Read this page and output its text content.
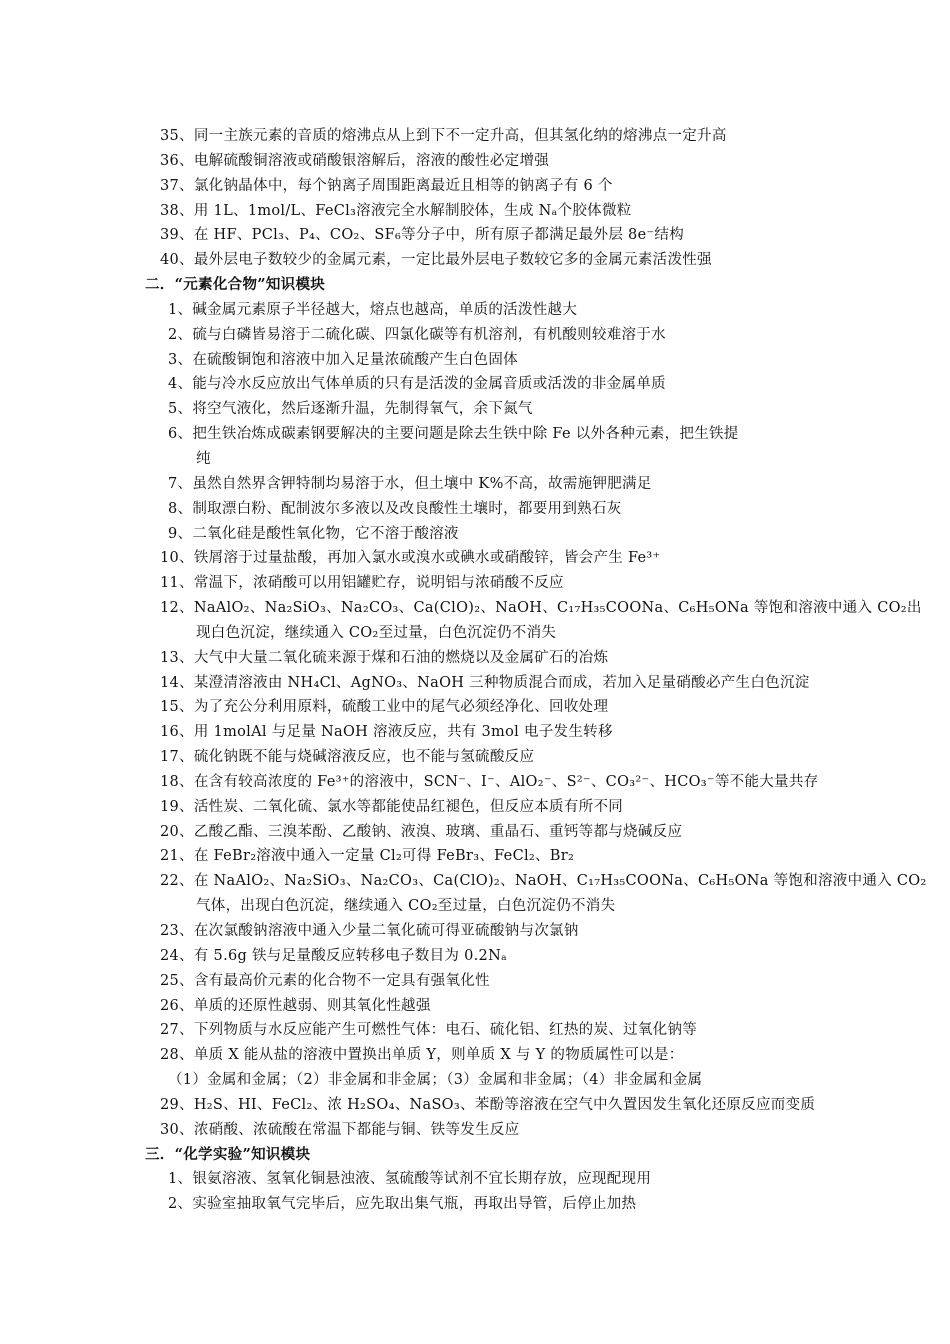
35、同一主族元素的音质的熔沸点从上到下不一定升高，但其氢化纳的熔沸点一定升高
36、电解硫酸铜溶液或硝酸银溶解后，溶液的酸性必定增强
37、氯化钠晶体中，每个钠离子周围距离最近且相等的钠离子有 6 个
38、用 1L、1mol/L、FeCl₃溶液完全水解制胶体，生成 Nₐ个胶体微粒
39、在 HF、PCl₃、P₄、CO₂、SF₆等分子中，所有原子都满足最外层 8e⁻结构
40、最外层电子数较少的金属元素，一定比最外层电子数较它多的金属元素活泼性强
二．“元素化合物”知识模块
1、碱金属元素原子半径越大，熔点也越高，单质的活泼性越大
2、硫与白磷皆易溶于二硫化碳、四氯化碳等有机溶剂，有机酸则较难溶于水
3、在硫酸铜饱和溶液中加入足量浓硫酸产生白色固体
4、能与冷水反应放出气体单质的只有是活泼的金属音质或活泼的非金属单质
5、将空气液化，然后逐渐升温，先制得氧气，余下氮气
6、把生铁冶炼成碳素钢要解决的主要问题是除去生铁中除 Fe 以外各种元素，把生铁提
纯
7、虽然自然界含钾特制均易溶于水，但土壤中 K%不高，故需施钾肥满足
8、制取漂白粉、配制波尔多液以及改良酸性土壤时，都要用到熟石灰
9、二氧化硅是酸性氧化物，它不溶于酸溶液
10、铁屑溶于过量盐酸，再加入氯水或溴水或碘水或硝酸锌，皆会产生 Fe³⁺
11、常温下，浓硝酸可以用铝罐贮存，说明铝与浓硝酸不反应
12、NaAlO₂、Na₂SiO₃、Na₂CO₃、Ca(ClO)₂、NaOH、C₁₇H₃₅COONa、C₆H₅ONa 等饱和溶液中通入 CO₂出
现白色沉淀，继续通入 CO₂至过量，白色沉淀仍不消失
13、大气中大量二氧化硫来源于煤和石油的燃烧以及金属矿石的冶炼
14、某澄清溶液由 NH₄Cl、AgNO₃、NaOH 三种物质混合而成，若加入足量硝酸必产生白色沉淀
15、为了充公分利用原料，硫酸工业中的尾气必须经净化、回收处理
16、用 1molAl 与足量 NaOH 溶液反应，共有 3mol 电子发生转移
17、硫化钠既不能与烧碱溶液反应，也不能与氢硫酸反应
18、在含有较高浓度的 Fe³⁺的溶液中，SCN⁻、I⁻、AlO₂⁻、S²⁻、CO₃²⁻、HCO₃⁻等不能大量共存
19、活性炭、二氧化硫、氯水等都能使品红褪色，但反应本质有所不同
20、乙酸乙酯、三溴苯酚、乙酸钠、液溴、玻璃、重晶石、重钙等都与烧碱反应
21、在 FeBr₂溶液中通入一定量 Cl₂可得 FeBr₃、FeCl₂、Br₂
22、在 NaAlO₂、Na₂SiO₃、Na₂CO₃、Ca(ClO)₂、NaOH、C₁₇H₃₅COONa、C₆H₅ONa 等饱和溶液中通入 CO₂
气体，出现白色沉淀，继续通入 CO₂至过量，白色沉淀仍不消失
23、在次氯酸钠溶液中通入少量二氧化硫可得亚硫酸钠与次氯钠
24、有 5.6g 铁与足量酸反应转移电子数目为 0.2Nₐ
25、含有最高价元素的化合物不一定具有强氧化性
26、单质的还原性越弱、则其氧化性越强
27、下列物质与水反应能产生可燃性气体：电石、硫化铝、红热的炭、过氧化钠等
28、单质 X 能从盐的溶液中置换出单质 Y，则单质 X 与 Y 的物质属性可以是：
（1）金属和金属；（2）非金属和非金属；（3）金属和非金属；（4）非金属和金属
29、H₂S、HI、FeCl₂、浓 H₂SO₄、NaSO₃、苯酚等溶液在空气中久置因发生氧化还原反应而变质
30、浓硝酸、浓硫酸在常温下都能与铜、铁等发生反应
三．“化学实验”知识模块
1、银氨溶液、氢氧化铜悬浊液、氢硫酸等试剂不宜长期存放，应现配现用
2、实验室抽取氧气完毕后，应先取出集气瓶，再取出导管，后停止加热
